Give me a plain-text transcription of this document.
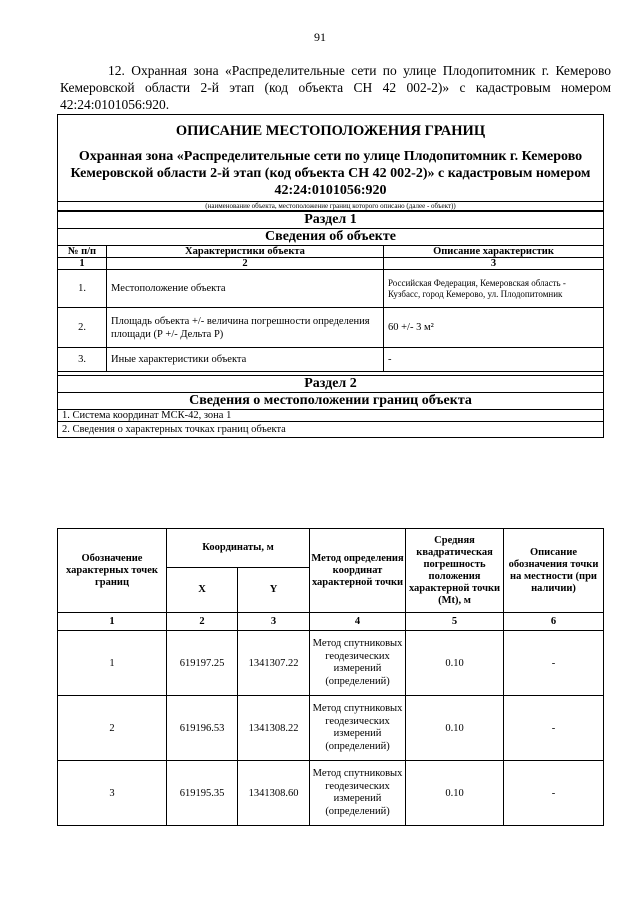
91

12. Охранная зона «Распределительные сети по улице Плодопитомник г. Кемерово Кемеровской области 2-й этап (код объекта СН 42 002-2)» с кадастровым номером 42:24:0101056:920.

ОПИСАНИЕ МЕСТОПОЛОЖЕНИЯ ГРАНИЦ		
Охранная зона «Распределительные сети по улице Плодопитомник г. Кемерово Кемеровской области 2-й этап (код объекта СН 42 002-2)» с кадастровым номером 42:24:0101056:920		
(наименование объекта, местоположение границ которого описано (далее - объект))		

Раздел 1		
Сведения об объекте		
№ п/п	Характеристики объекта	Описание характеристик
1	2	3
1.	Местоположение объекта	Российская Федерация, Кемеровская область - Кузбасс, город Кемерово, ул. Плодопитомник
2.	Площадь объекта +/- величина погрешности определения площади (Р +/- Дельта Р)	60 +/- 3 м²
3.	Иные характеристики объекта	-

Раздел 2		
Сведения о местоположении границ объекта		
1. Система координат МСК-42, зона 1		
2. Сведения о характерных точках границ объекта		
Обозначение характерных точек границ	Координаты, м		Метод определения координат характерной точки	Средняя квадратическая погрешность положения характерной точки (Mt), м	Описание обозначения точки на местности (при наличии)
	X	Y			
1	2	3	4	5	6
1	619197.25	1341307.22	Метод спутниковых геодезических измерений (определений)	0.10	-
2	619196.53	1341308.22	Метод спутниковых геодезических измерений (определений)	0.10	-
3	619195.35	1341308.60	Метод спутниковых геодезических измерений (определений)	0.10	-
